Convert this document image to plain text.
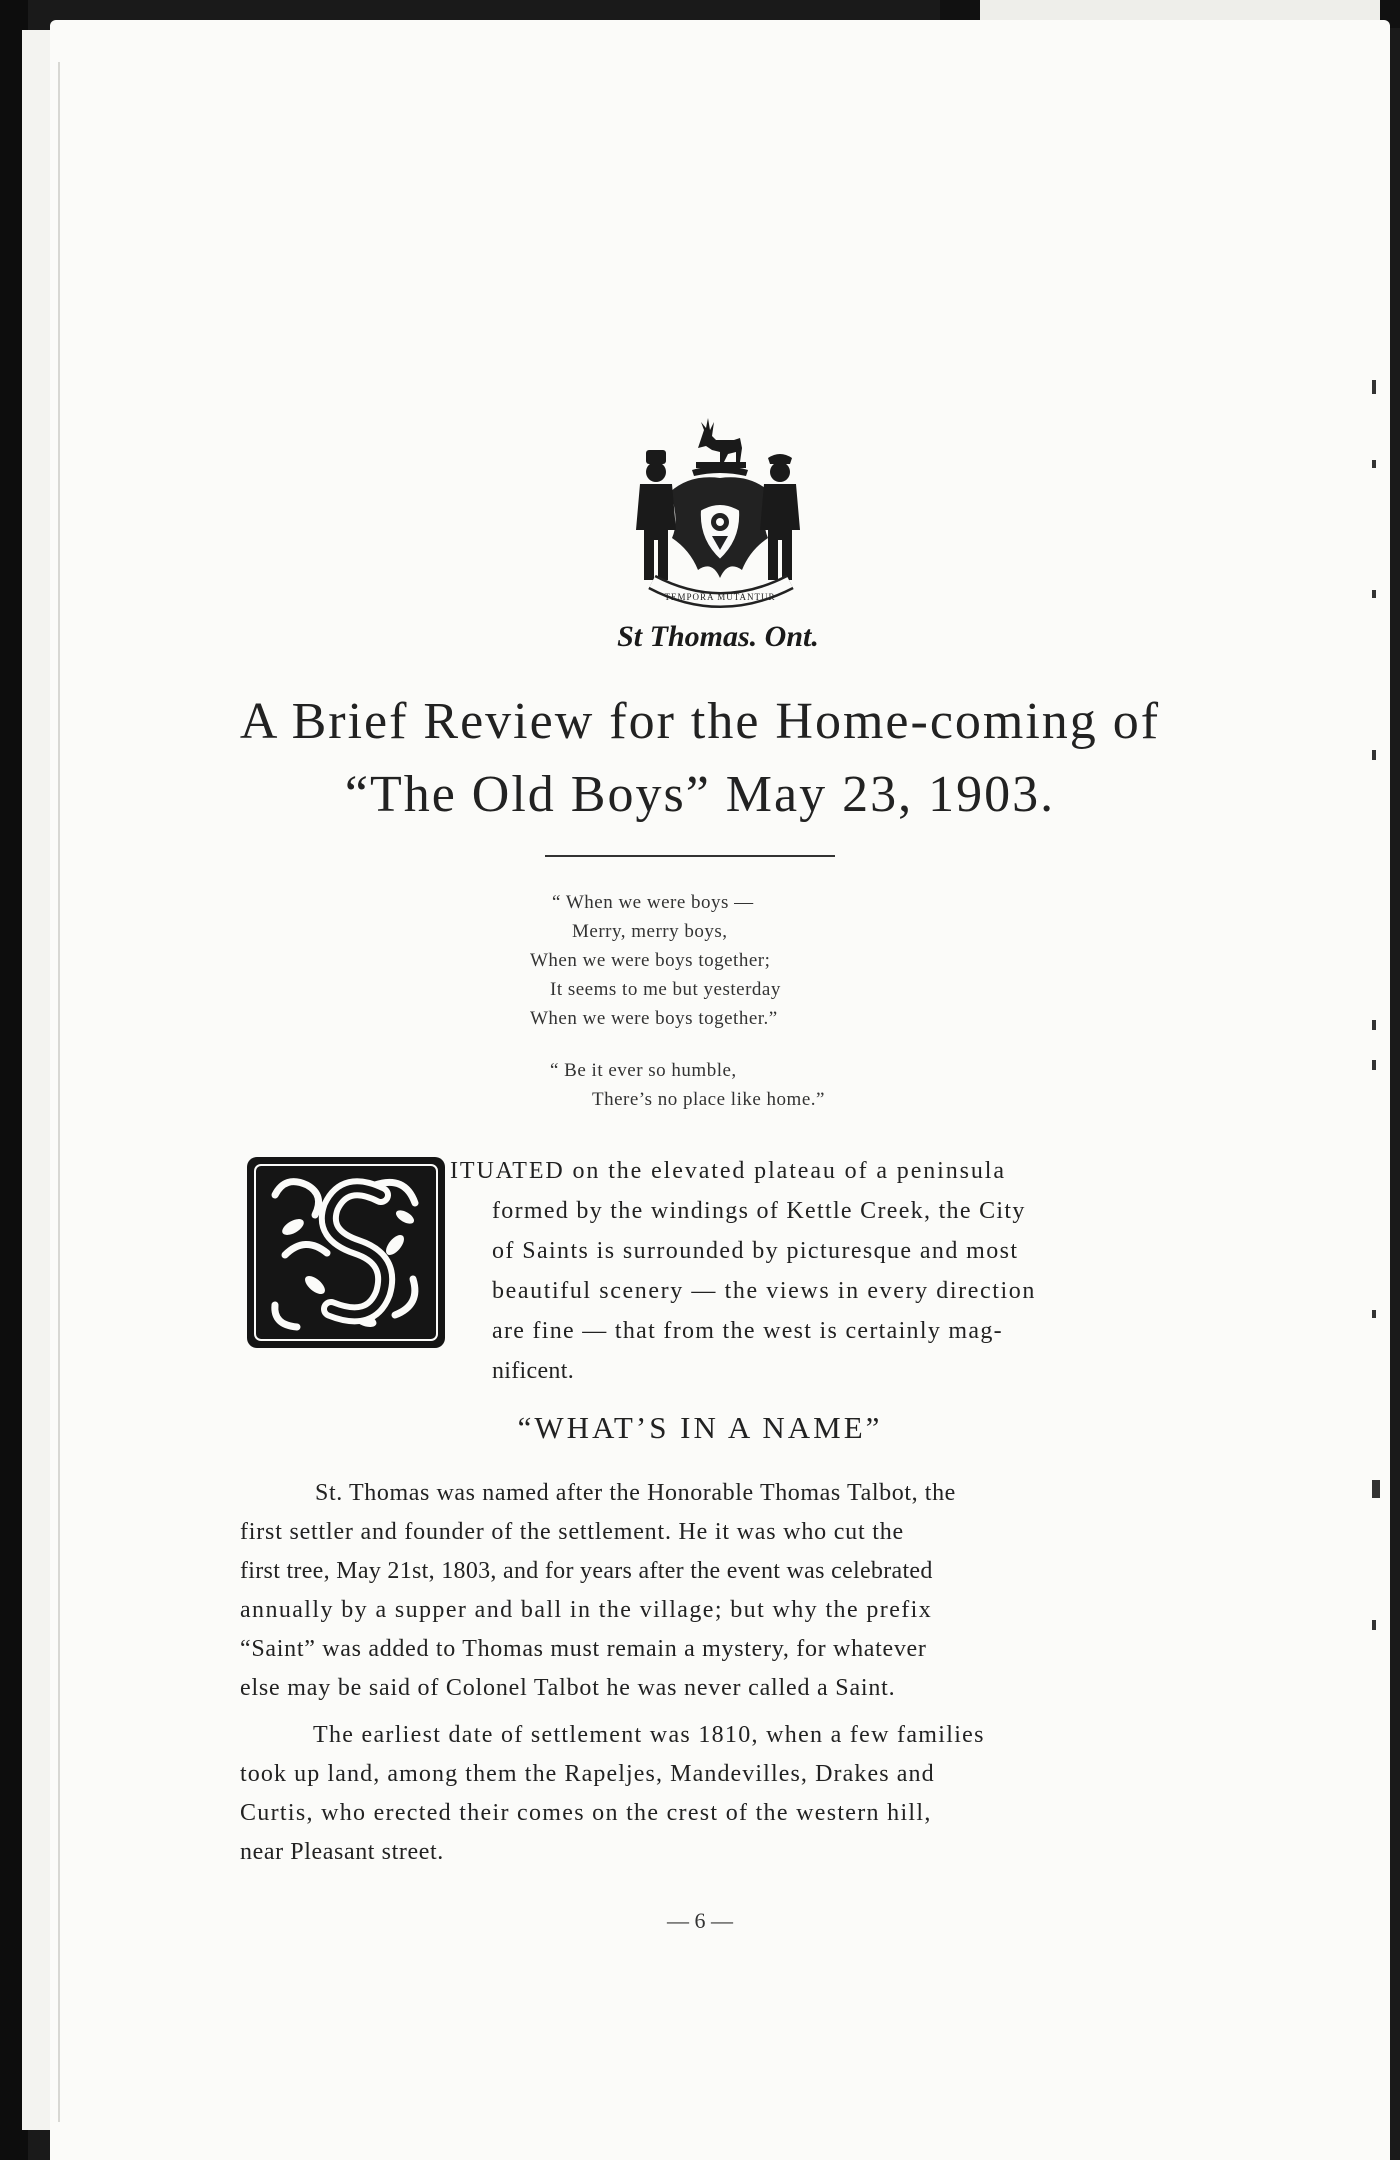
TEMPORA MUTANTUR
St Thomas. Ont.
A Brief Review for the Home-coming of
“The Old Boys” May 23, 1903.
“ When we were boys —
Merry, merry boys,
When we were boys together;
It seems to me but yesterday
When we were boys together.”
“ Be it ever so humble,
There’s no place like home.”
ITUATED on the elevated plateau of a peninsula
formed by the windings of Kettle Creek, the City
of Saints is surrounded by picturesque and most
beautiful scenery — the views in every direction
are fine — that from the west is certainly mag-
nificent.
“WHAT’S IN A NAME”
St. Thomas was named after the Honorable Thomas Talbot, the
first settler and founder of the settlement. He it was who cut the
first tree, May 21st, 1803, and for years after the event was celebrated
annually by a supper and ball in the village; but why the prefix
“Saint” was added to Thomas must remain a mystery, for whatever
else may be said of Colonel Talbot he was never called a Saint.
The earliest date of settlement was 1810, when a few families
took up land, among them the Rapeljes, Mandevilles, Drakes and
Curtis, who erected their comes on the crest of the western hill,
near Pleasant street.
— 6 —
